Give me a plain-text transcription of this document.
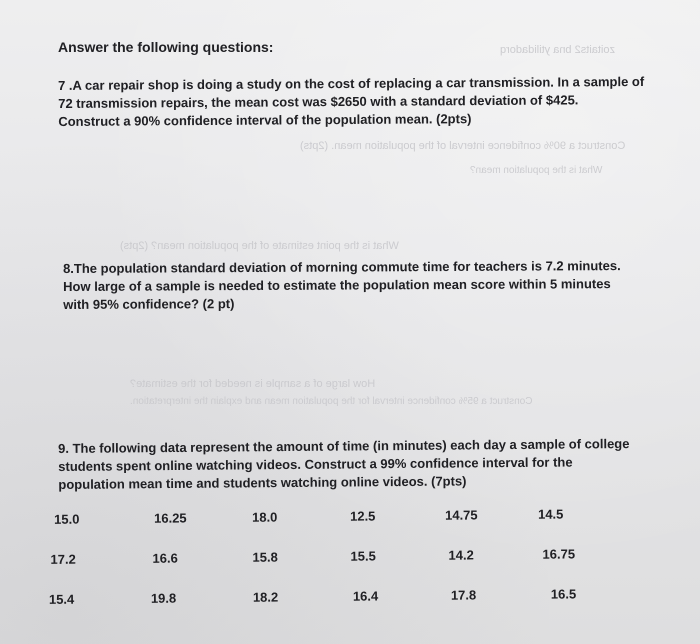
zoitaits2 bna ytilidadorq
Construct a 90% confidence interval of the population mean. (2pts)
What is the population mean?
What is the point estimate of the population mean? (2pts)
How large of a sample is needed for the estimate?
Construct a 95% confidence interval for the population mean and explain the interpretation.
Answer the following questions:
7 .A car repair shop is doing a study on the cost of replacing a car transmission. In a sample of
72 transmission repairs, the mean cost was $2650 with a standard deviation of $425.
Construct a 90% confidence interval of the population mean. (2pts)
8.The population standard deviation of morning commute time for teachers is 7.2 minutes.
How large of a sample is needed to estimate the population mean score within 5 minutes
with 95% confidence? (2 pt)
9. The following data represent the amount of time (in minutes) each day a sample of college
students spent online watching videos. Construct a 99% confidence interval for the
population mean time and students watching online videos. (7pts)
15.0	16.25	18.0	12.5	14.75	14.5
17.2	16.6	15.8	15.5	14.2	16.75
15.4	19.8	18.2	16.4	17.8	16.5
